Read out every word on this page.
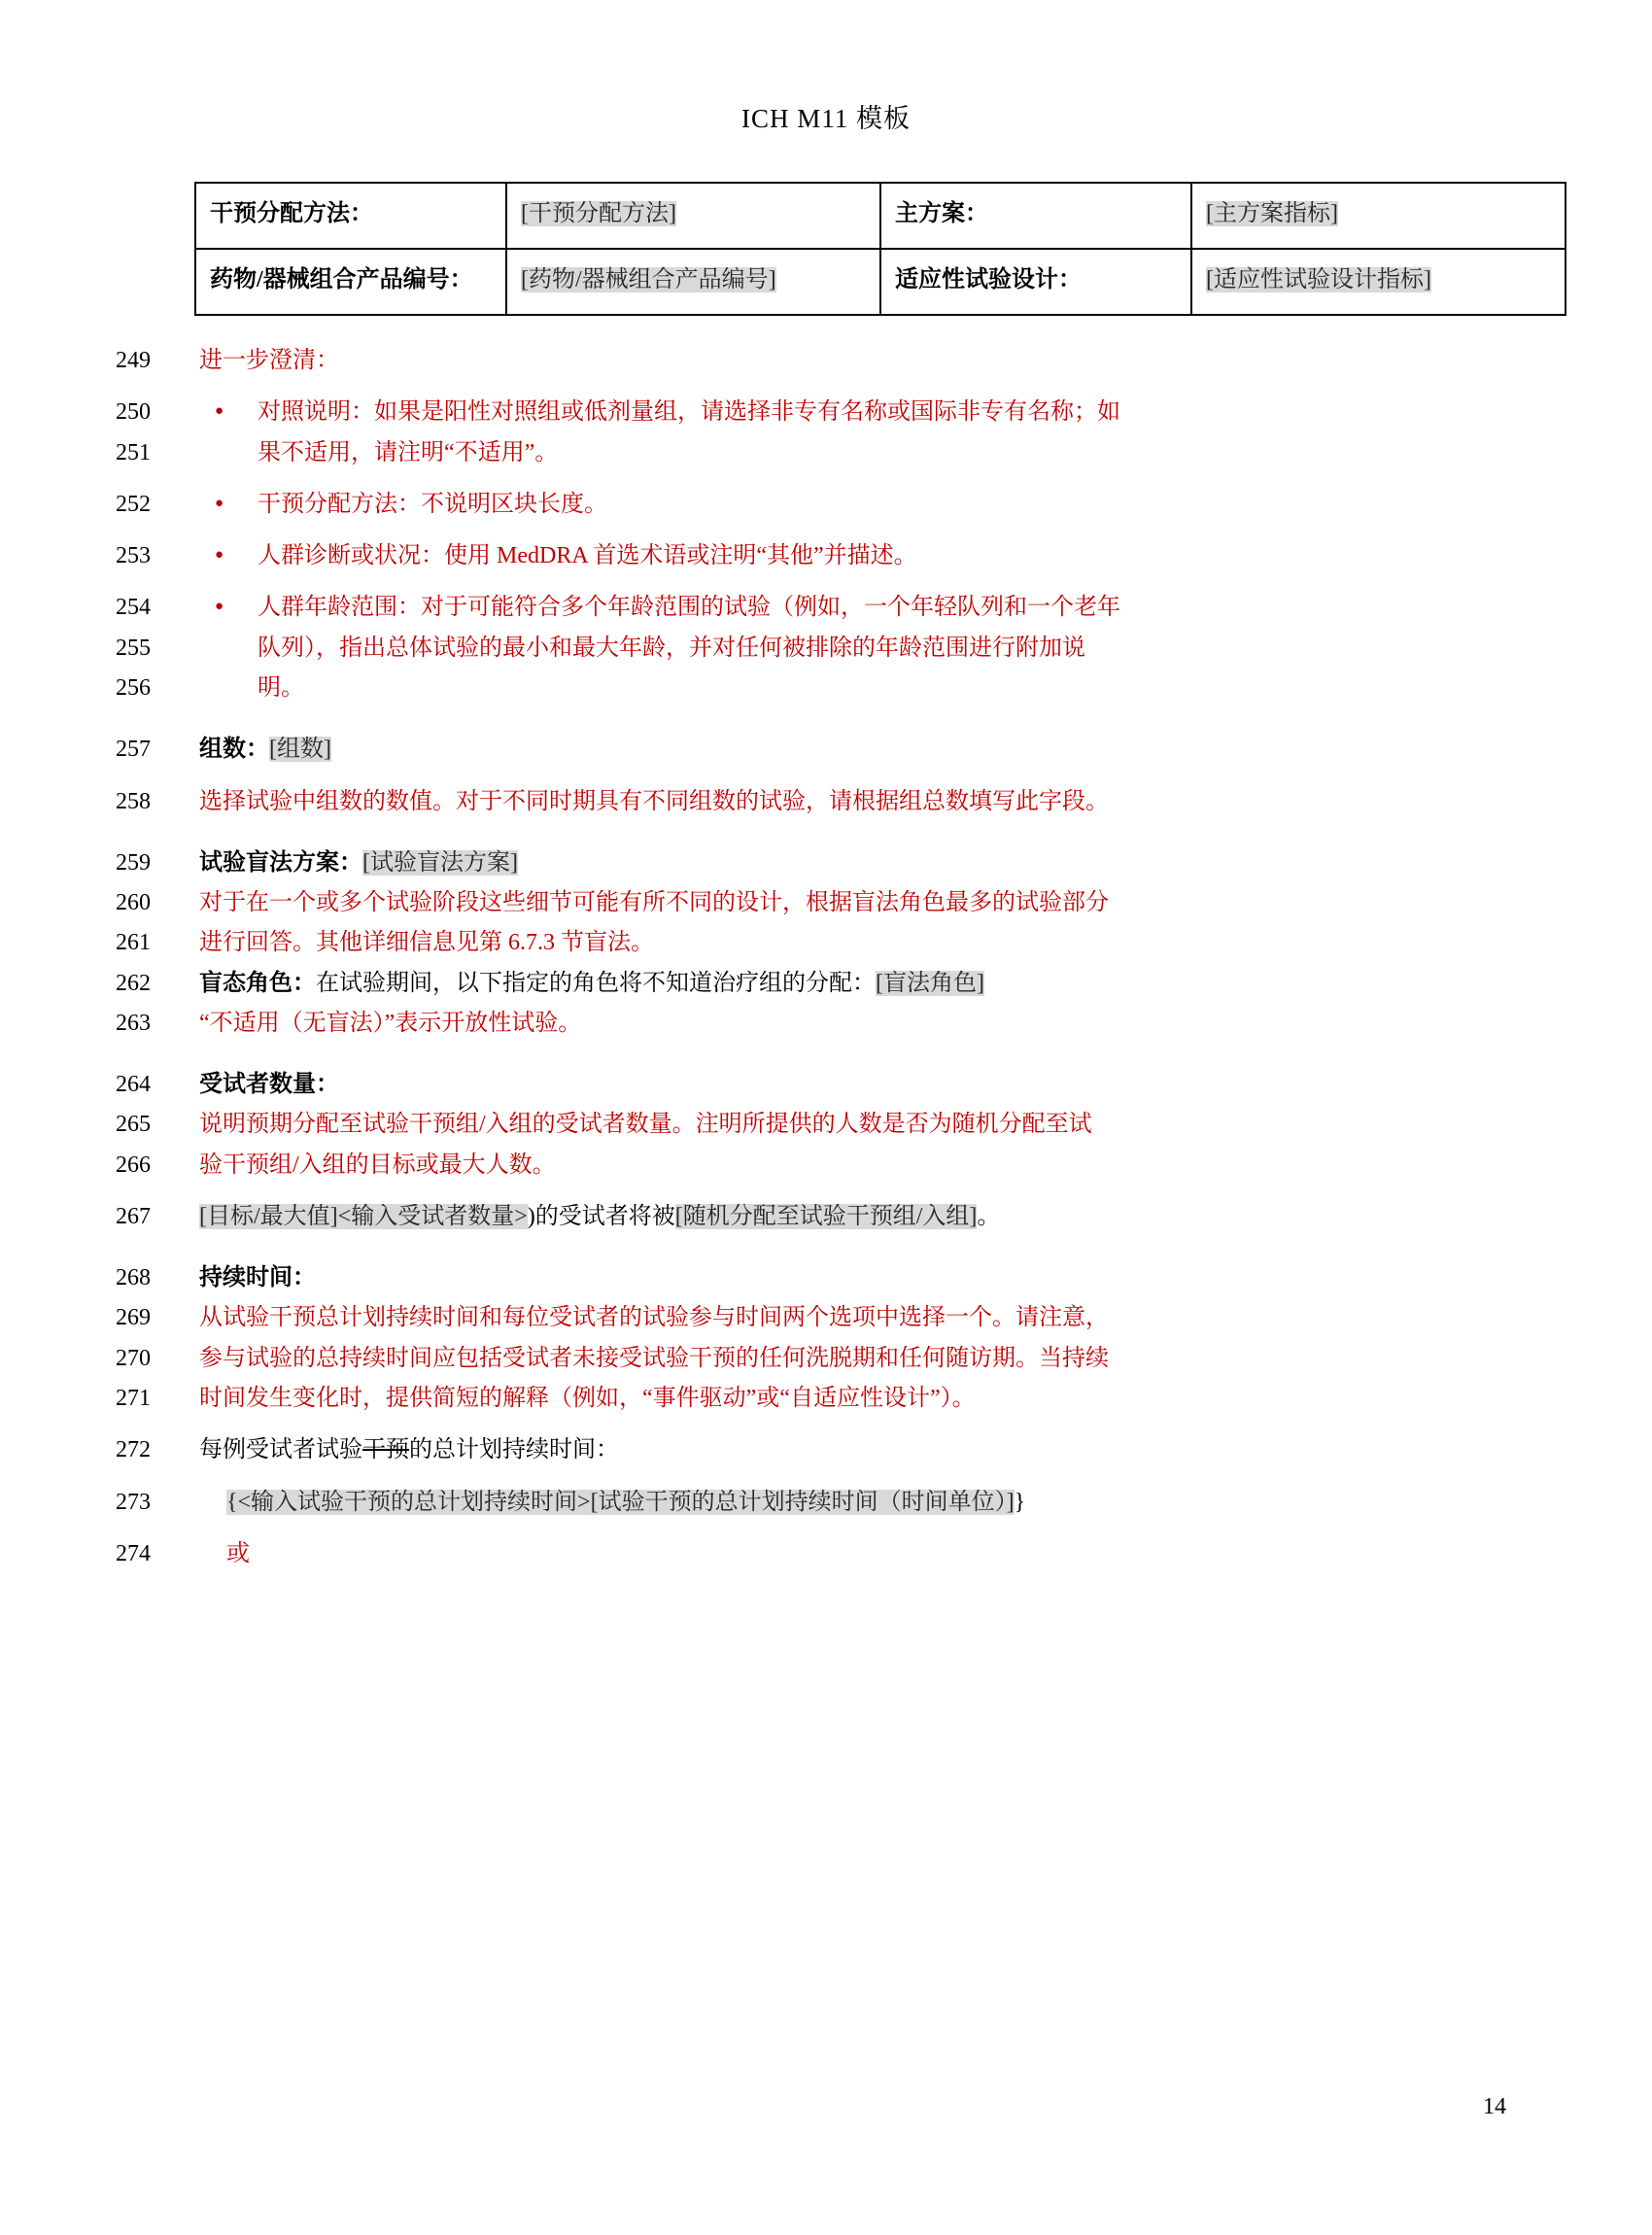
ICH M11 模板
干预分配方法：	[干预分配方法]	主方案：	[主方案指标]
药物/器械组合产品编号：	[药物/器械组合产品编号]	适应性试验设计：	[适应性试验设计指标]
249	进一步澄清：
250	● 对照说明：如果是阳性对照组或低剂量组，请选择非专有名称或国际非专有名称；如
251	果不适用，请注明“不适用”。
252	● 干预分配方法：不说明区块长度。
253	● 人群诊断或状况：使用 MedDRA 首选术语或注明“其他”并描述。
254	● 人群年龄范围：对于可能符合多个年龄范围的试验（例如，一个年轻队列和一个老年
255	队列），指出总体试验的最小和最大年龄，并对任何被排除的年龄范围进行附加说
256	明。
257	组数：[组数]
258	选择试验中组数的数值。对于不同时期具有不同组数的试验，请根据组总数填写此字段。
259	试验盲法方案：[试验盲法方案]
260	对于在一个或多个试验阶段这些细节可能有所不同的设计，根据盲法角色最多的试验部分
261	进行回答。其他详细信息见第 6.7.3 节盲法。
262	盲态角色：在试验期间，以下指定的角色将不知道治疗组的分配：[盲法角色]
263	“不适用（无盲法）”表示开放性试验。
264	受试者数量：
265	说明预期分配至试验干预组/入组的受试者数量。注明所提供的人数是否为随机分配至试
266	验干预组/入组的目标或最大人数。
267	[目标/最大值]<输入受试者数量>)的受试者将被[随机分配至试验干预组/入组]。
268	持续时间：
269	从试验干预总计划持续时间和每位受试者的试验参与时间两个选项中选择一个。请注意，
270	参与试验的总持续时间应包括受试者未接受试验干预的任何洗脱期和任何随访期。当持续
271	时间发生变化时，提供简短的解释（例如，“事件驱动”或“自适应性设计”）。
272	每例受试者试验干预的总计划持续时间：
273	{<输入试验干预的总计划持续时间>[试验干预的总计划持续时间（时间单位）]}
274	或
14
